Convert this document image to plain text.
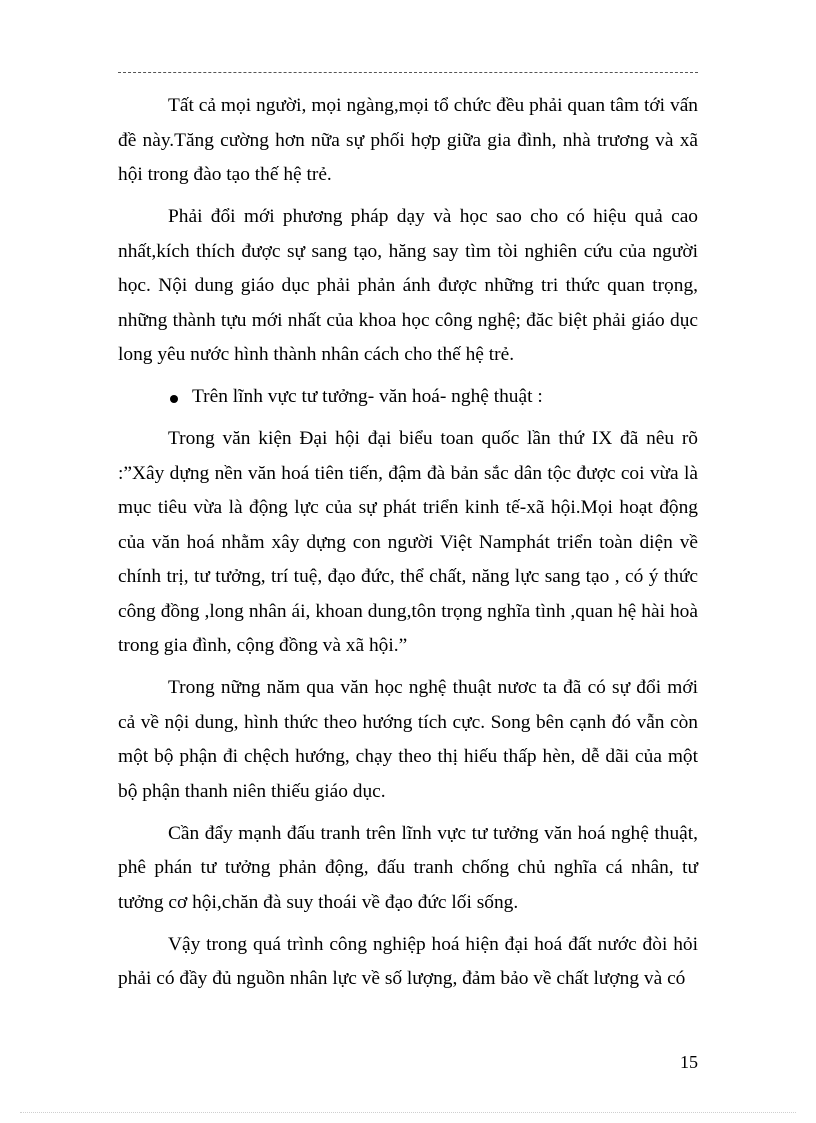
Tất cả mọi người, mọi ngàng,mọi tổ chức đều phải quan tâm tới vấn đề này.Tăng cường hơn nữa sự phối hợp giữa gia đình, nhà trương và xã hội trong đào tạo thế hệ trẻ.

Phải đổi mới phương pháp dạy và học sao cho có hiệu quả cao nhất,kích thích được sự sang tạo, hăng say tìm tòi nghiên cứu của người học. Nội dung giáo dục phải phản ánh được những tri thức quan trọng, những thành tựu mới nhất của khoa học công nghệ; đăc biệt phải giáo dục long yêu nước hình thành nhân cách cho thế hệ trẻ.

Trên lĩnh vực tư tưởng- văn hoá- nghệ thuật :

Trong văn kiện Đại hội đại biểu toan quốc lần thứ IX đã nêu rõ :”Xây dựng nền văn hoá tiên tiến, đậm đà bản sắc dân tộc được coi vừa là mục tiêu vừa là động lực của sự phát triển kinh tế-xã hội.Mọi hoạt động của văn hoá nhằm xây dựng con người Việt Namphát triển toàn diện về chính trị, tư tưởng, trí tuệ, đạo đức, thể chất, năng lực sang tạo , có ý thức công đồng ,long nhân ái, khoan dung,tôn trọng nghĩa tình ,quan hệ hài hoà trong gia đình, cộng đồng và xã hội.”

Trong nững năm qua văn học nghệ thuật nươc ta đã có sự đổi mới cả về nội dung, hình thức theo hướng tích cực. Song bên cạnh đó vẫn còn một bộ phận đi chệch hướng, chạy theo thị hiếu thấp hèn, dễ dãi của một bộ phận thanh niên thiếu giáo dục.

Cần đẩy mạnh đấu tranh trên lĩnh vực tư tưởng văn hoá nghệ thuật, phê phán tư tưởng phản động, đấu tranh chống chủ nghĩa cá nhân, tư tưởng cơ hội,chăn đà suy thoái về đạo đức lối sống.

Vậy trong quá trình công nghiệp hoá hiện đại hoá đất nước đòi hỏi phải có đầy đủ nguồn nhân lực về số lượng, đảm bảo về chất lượng và có

15
